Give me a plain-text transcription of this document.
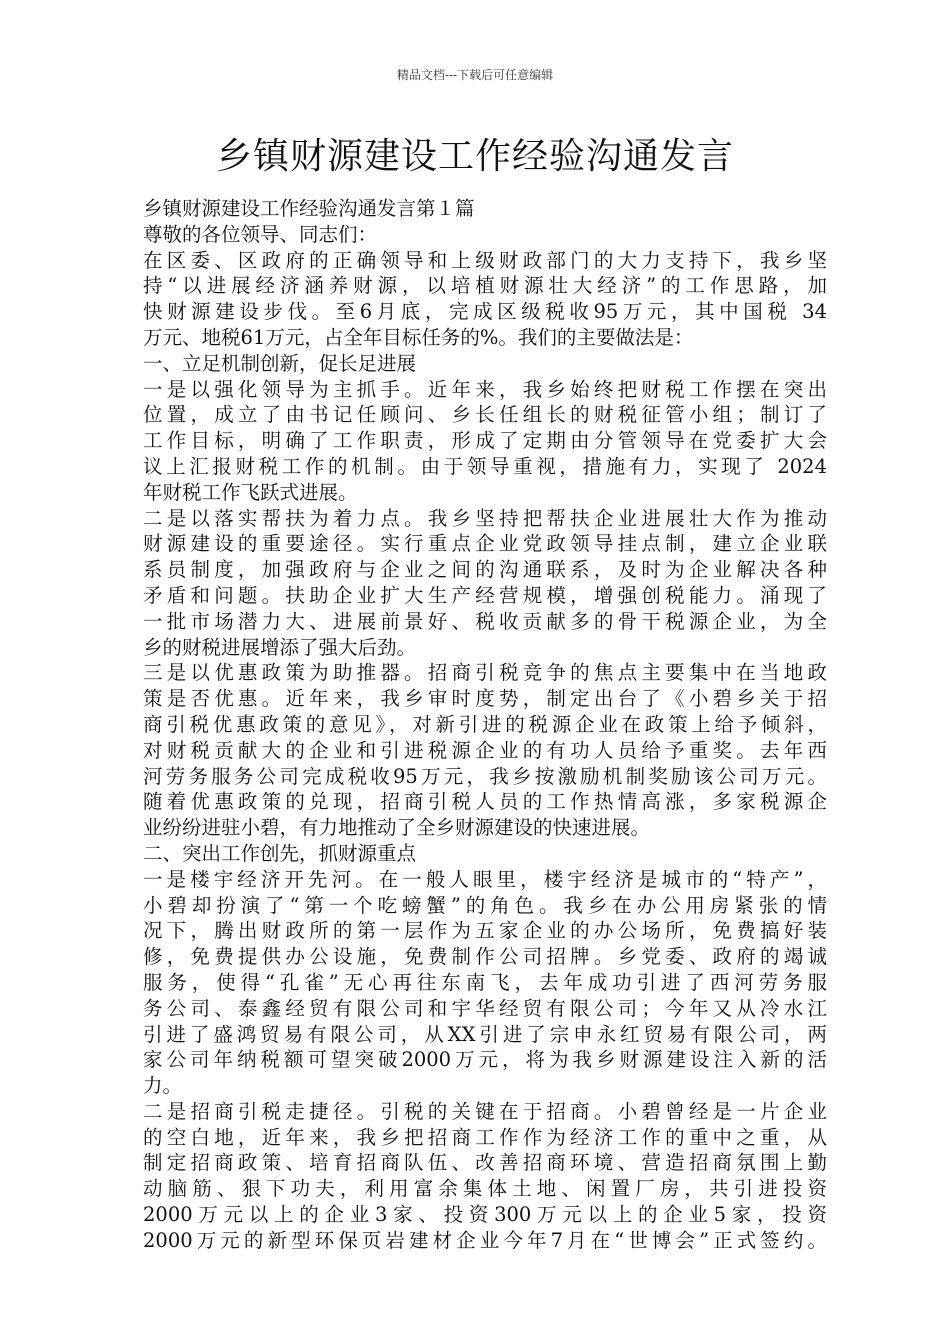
精品文档---下载后可任意编辑
乡镇财源建设工作经验沟通发言
乡镇财源建设工作经验沟通发言第１篇
尊敬的各位领导、同志们：
在区委、区政府的正确领导和上级财政部门的大力支持下，我乡坚
持“以进展经济涵养财源，以培植财源壮大经济”的工作思路，加
快财源建设步伐。至6月底，完成区级税收95万元，其中国税 34
万元、地税61万元，占全年目标任务的%。我们的主要做法是：
一、立足机制创新，促长足进展
一是以强化领导为主抓手。近年来，我乡始终把财税工作摆在突出
位置，成立了由书记任顾问、乡长任组长的财税征管小组；制订了
工作目标，明确了工作职责，形成了定期由分管领导在党委扩大会
议上汇报财税工作的机制。由于领导重视，措施有力，实现了 2024
年财税工作飞跃式进展。
二是以落实帮扶为着力点。我乡坚持把帮扶企业进展壮大作为推动
财源建设的重要途径。实行重点企业党政领导挂点制，建立企业联
系员制度，加强政府与企业之间的沟通联系，及时为企业解决各种
矛盾和问题。扶助企业扩大生产经营规模，增强创税能力。涌现了
一批市场潜力大、进展前景好、税收贡献多的骨干税源企业，为全
乡的财税进展增添了强大后劲。
三是以优惠政策为助推器。招商引税竞争的焦点主要集中在当地政
策是否优惠。近年来，我乡审时度势，制定出台了《小碧乡关于招
商引税优惠政策的意见》，对新引进的税源企业在政策上给予倾斜，
对财税贡献大的企业和引进税源企业的有功人员给予重奖。去年西
河劳务服务公司完成税收95万元，我乡按激励机制奖励该公司万元。
随着优惠政策的兑现，招商引税人员的工作热情高涨，多家税源企
业纷纷进驻小碧，有力地推动了全乡财源建设的快速进展。
二、突出工作创先，抓财源重点
一是楼宇经济开先河。在一般人眼里，楼宇经济是城市的“特产”，
小碧却扮演了“第一个吃螃蟹”的角色。我乡在办公用房紧张的情
况下，腾出财政所的第一层作为五家企业的办公场所，免费搞好装
修，免费提供办公设施，免费制作公司招牌。乡党委、政府的竭诚
服务，使得“孔雀”无心再往东南飞，去年成功引进了西河劳务服
务公司、泰鑫经贸有限公司和宇华经贸有限公司；今年又从冷水江
引进了盛鸿贸易有限公司，从XX引进了宗申永红贸易有限公司，两
家公司年纳税额可望突破2000万元，将为我乡财源建设注入新的活
力。
二是招商引税走捷径。引税的关键在于招商。小碧曾经是一片企业
的空白地，近年来，我乡把招商工作作为经济工作的重中之重，从
制定招商政策、培育招商队伍、改善招商环境、营造招商氛围上勤
动脑筋、狠下功夫，利用富余集体土地、闲置厂房，共引进投资
2000万元以上的企业3家、投资300万元以上的企业5家，投资
2000万元的新型环保页岩建材企业今年7月在“世博会”正式签约。
